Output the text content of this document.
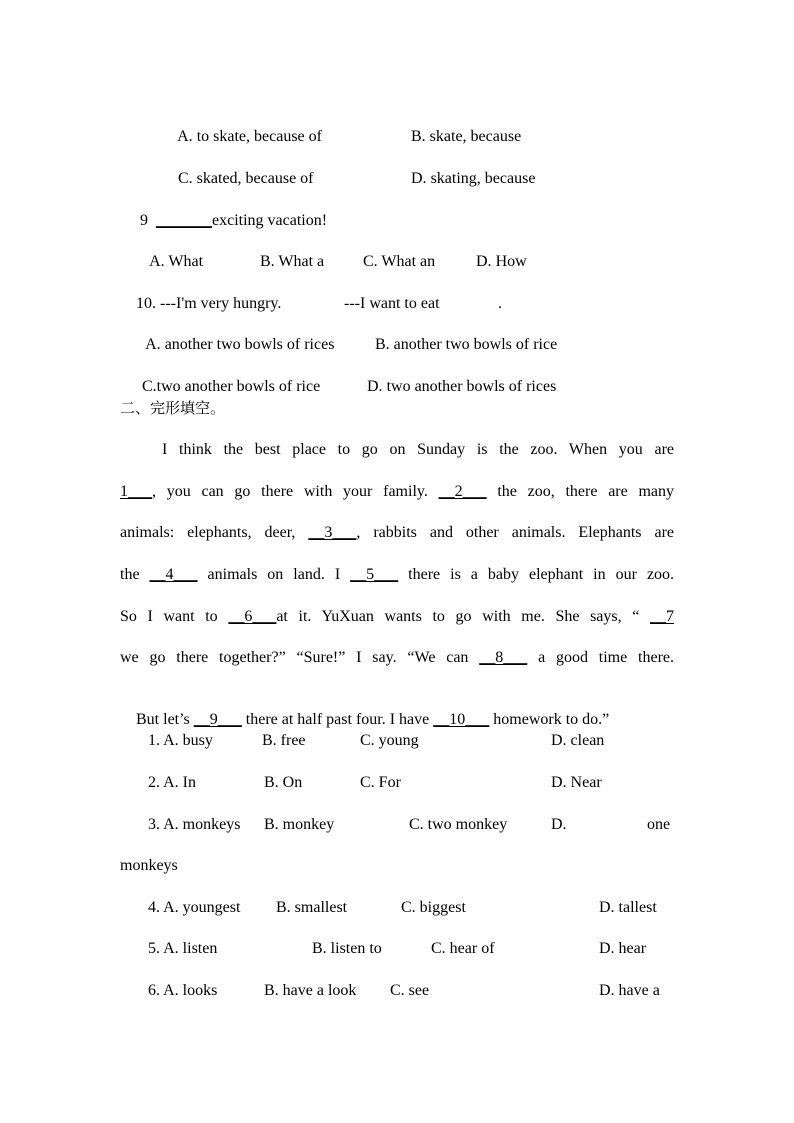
A. to skate, because of
	B. skate, because

C. skated, because of
	D. skating, because

9 _______exciting vacation!

A. What
	B. What a
	C. What an
	D. How

10. ---I'm very hungry.
	---I want to eat
	.

A. another two bowls of rices
	B. another two bowls of rice

C.two another bowls of rice
	D. two another bowls of rices

二、完形填空。
I think the best place to go on Sunday is the zoo. When you are
1___, you can go there with your family. __2___ the zoo, there are many
animals: elephants, deer, __3___, rabbits and other animals. Elephants are
the __4___ animals on land. I __5___ there is a baby elephant in our zoo.
So I want to __6___at it. YuXuan wants to go with me. She says, “ __7
we go there together?” “Sure!” I say. “We can __8___ a good time there.

But let’s __9___ there at half past four. I have __10___ homework to do.”

1. A. busy	B. free	C. young	D. clean
2. A. In	B. On	C. For	D. Near
3. A. monkeys B. monkey	C. two monkey	D.	one
monkeys
4. A. youngest B. smallest	C. biggest	D. tallest
5. A. listen	B. listen to	C. hear of	D. hear
6. A. looks	B. have a look C. see	D. have a
